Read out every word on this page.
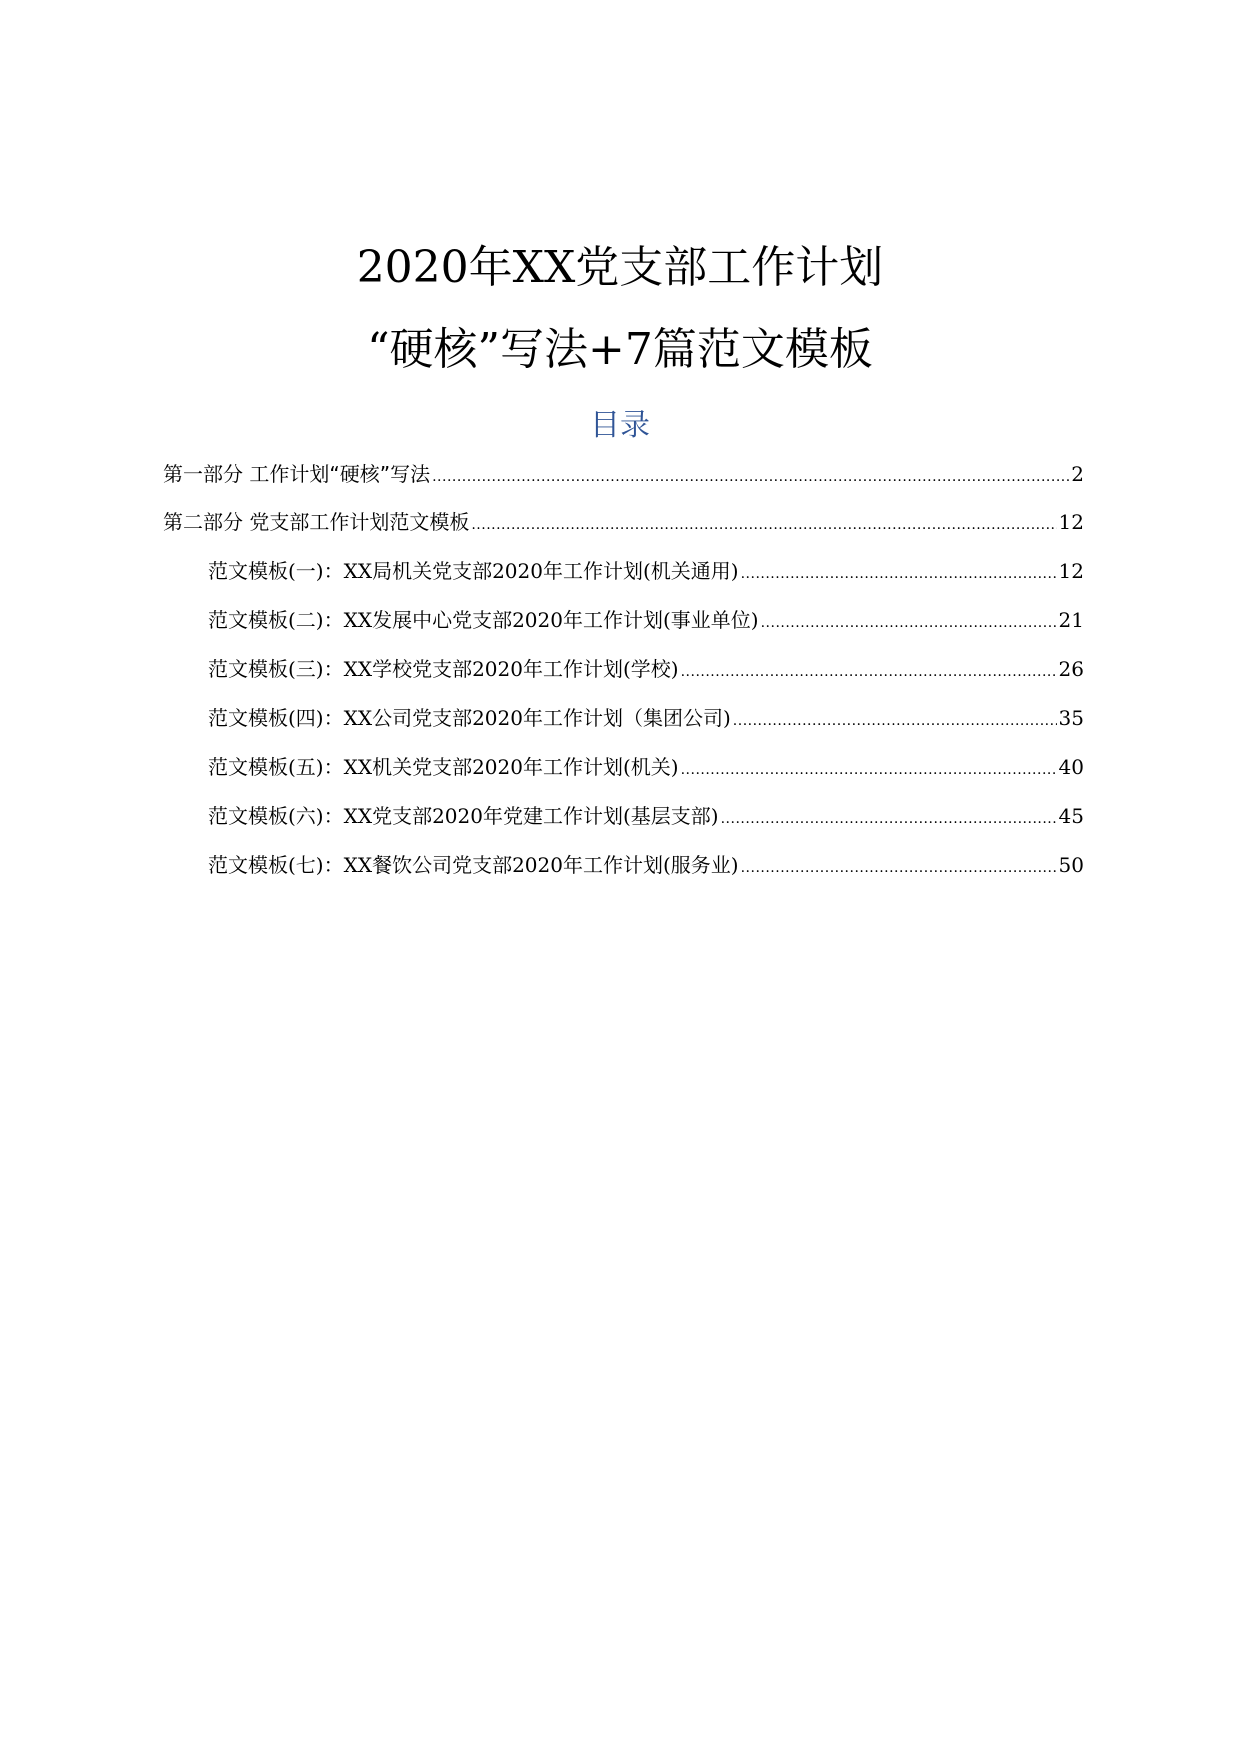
2020年XX党支部工作计划
“硬核”写法+7篇范文模板
目录
第一部分 工作计划“硬核”写法 .....	2
第二部分 党支部工作计划范文模板 .....	12
范文模板(一)：XX局机关党支部2020年工作计划(机关通用) .....	12
范文模板(二)：XX发展中心党支部2020年工作计划(事业单位) .....	21
范文模板(三)：XX学校党支部2020年工作计划(学校) .....	26
范文模板(四)：XX公司党支部2020年工作计划（集团公司) .....	35
范文模板(五)：XX机关党支部2020年工作计划(机关) .....	40
范文模板(六)：XX党支部2020年党建工作计划(基层支部) .....	45
范文模板(七)：XX餐饮公司党支部2020年工作计划(服务业) .....	50
